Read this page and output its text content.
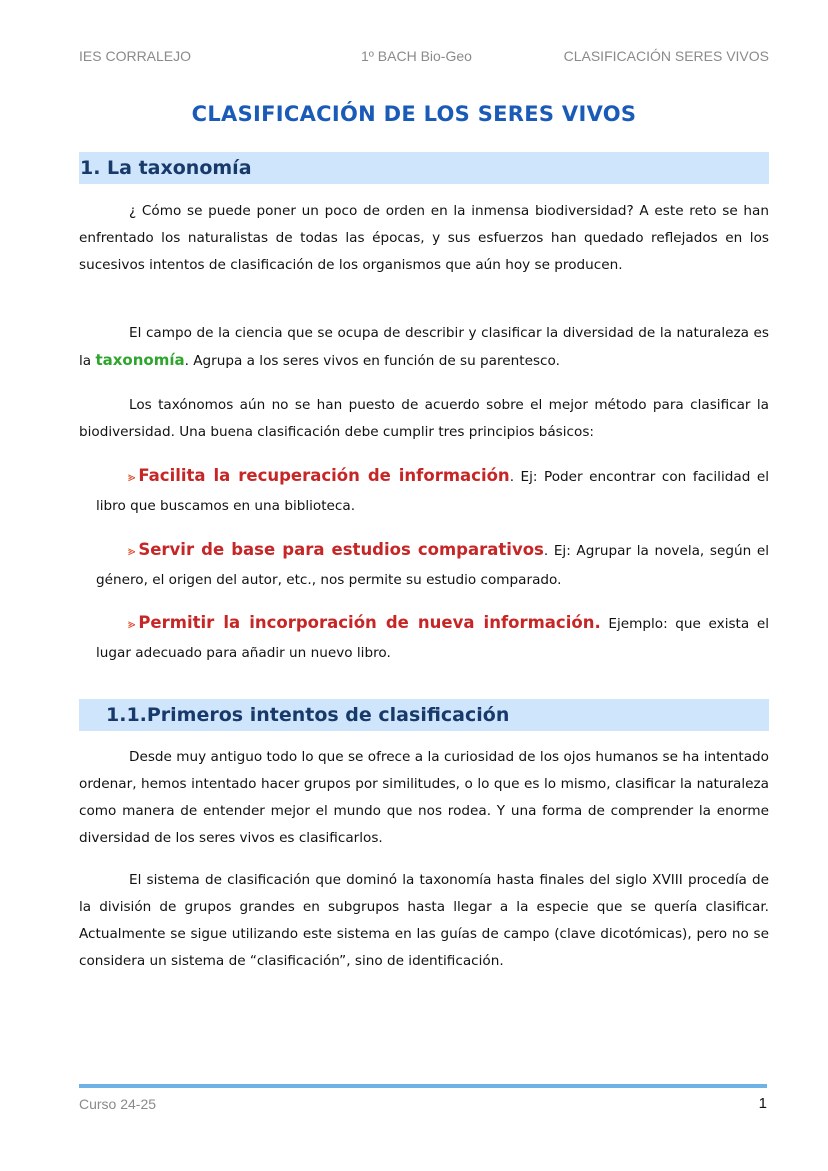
IES CORRALEJO	1º BACH Bio-Geo	CLASIFICACIÓN SERES VIVOS
CLASIFICACIÓN DE LOS SERES VIVOS
1. La taxonomía

¿ Cómo se puede poner un poco de orden en la inmensa biodiversidad? A este reto se han enfrentado los naturalistas de todas las épocas, y sus esfuerzos han quedado reflejados en los sucesivos intentos de clasificación de los organismos que aún hoy se producen.

El campo de la ciencia que se ocupa de describir y clasificar la diversidad de la naturaleza es la taxonomía. Agrupa a los seres vivos en función de su parentesco.

Los taxónomos aún no se han puesto de acuerdo sobre el mejor método para clasificar la biodiversidad. Una buena clasificación debe cumplir tres principios básicos:

⪢ Facilita la recuperación de información. Ej: Poder encontrar con facilidad el libro que buscamos en una biblioteca.

⪢ Servir de base para estudios comparativos. Ej: Agrupar la novela, según el género, el origen del autor, etc., nos permite su estudio comparado.

⪢ Permitir la incorporación de nueva información. Ejemplo: que exista el lugar adecuado para añadir un nuevo libro.

1.1.Primeros intentos de clasificación

Desde muy antiguo todo lo que se ofrece a la curiosidad de los ojos humanos se ha intentado ordenar, hemos intentado hacer grupos por similitudes, o lo que es lo mismo, clasificar la naturaleza como manera de entender mejor el mundo que nos rodea. Y una forma de comprender la enorme diversidad de los seres vivos es clasificarlos.

El sistema de clasificación que dominó la taxonomía hasta finales del siglo XVIII procedía de la división de grupos grandes en subgrupos hasta llegar a la especie que se quería clasificar. Actualmente se sigue utilizando este sistema en las guías de campo (clave dicotómicas), pero no se considera un sistema de “clasificación”, sino de identificación.

Curso 24-25	1
